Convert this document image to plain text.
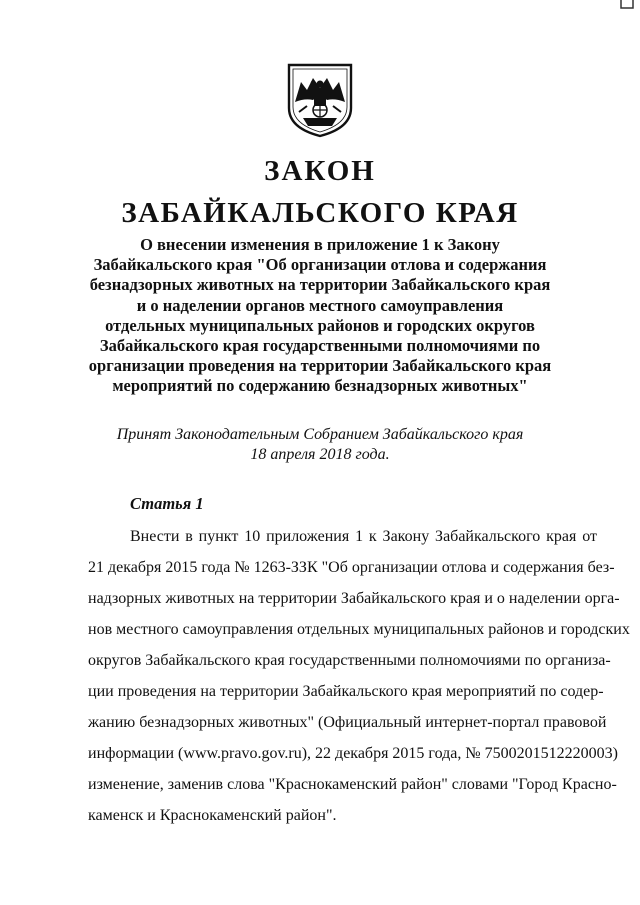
ЗАКОН
ЗАБАЙКАЛЬСКОГО КРАЯ
О внесении изменения в приложение 1 к Закону
Забайкальского края "Об организации отлова и содержания
безнадзорных животных на территории Забайкальского края
и о наделении органов местного самоуправления
отдельных муниципальных районов и городских округов
Забайкальского края государственными полномочиями по
организации проведения на территории Забайкальского края
мероприятий по содержанию безнадзорных животных"
Принят Законодательным Собранием Забайкальского края
18 апреля 2018 года.
Статья 1
Внести в пункт 10 приложения 1 к Закону Забайкальского края от
21 декабря 2015 года № 1263-ЗЗК "Об организации отлова и содержания без-
надзорных животных на территории Забайкальского края и о наделении орга-
нов местного самоуправления отдельных муниципальных районов и городских
округов Забайкальского края государственными полномочиями по организа-
ции проведения на территории Забайкальского края мероприятий по содер-
жанию безнадзорных животных" (Официальный интернет-портал правовой
информации (www.pravo.gov.ru), 22 декабря 2015 года, № 7500201512220003)
изменение, заменив слова "Краснокаменский район" словами "Город Красно-
каменск и Краснокаменский район".
